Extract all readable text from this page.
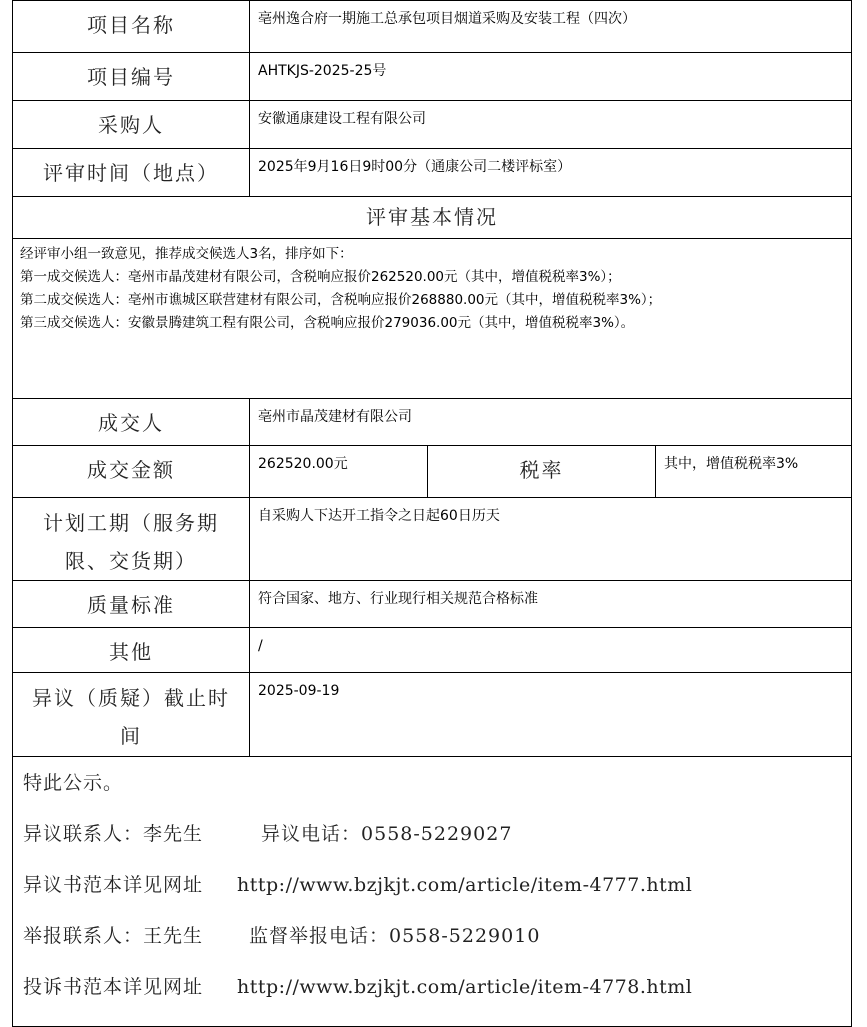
项目名称	亳州逸合府一期施工总承包项目烟道采购及安装工程（四次）		
项目编号	AHTKJS-2025-25号		
采购人	安徽通康建设工程有限公司		
评审时间（地点）	2025年9月16日9时00分（通康公司二楼评标室）		
评审基本情况			

经评审小组一致意见，推荐成交候选人3名，排序如下：
第一成交候选人：亳州市晶茂建材有限公司，含税响应报价262520.00元（其中，增值税税率3%）；
第二成交候选人：亳州市谯城区联营建材有限公司，含税响应报价268880.00元（其中，增值税税率3%）；
第三成交候选人：安徽景腾建筑工程有限公司，含税响应报价279036.00元（其中，增值税税率3%）。			

成交人	亳州市晶茂建材有限公司		
成交金额	262520.00元	税率	其中，增值税税率3%

计划工期（服务期
限、交货期）	自采购人下达开工指令之日起60日历天		
质量标准	符合国家、地方、行业现行相关规范合格标准		
其他	/		

异议（质疑）截止时
间	2025-09-19		

特此公示。
异议联系人：李先生 异议电话：0558-5229027
异议书范本详见网址 http://www.bzjkjt.com/article/item-4777.html
举报联系人：王先生 监督举报电话：0558-5229010
投诉书范本详见网址 http://www.bzjkjt.com/article/item-4778.html			
